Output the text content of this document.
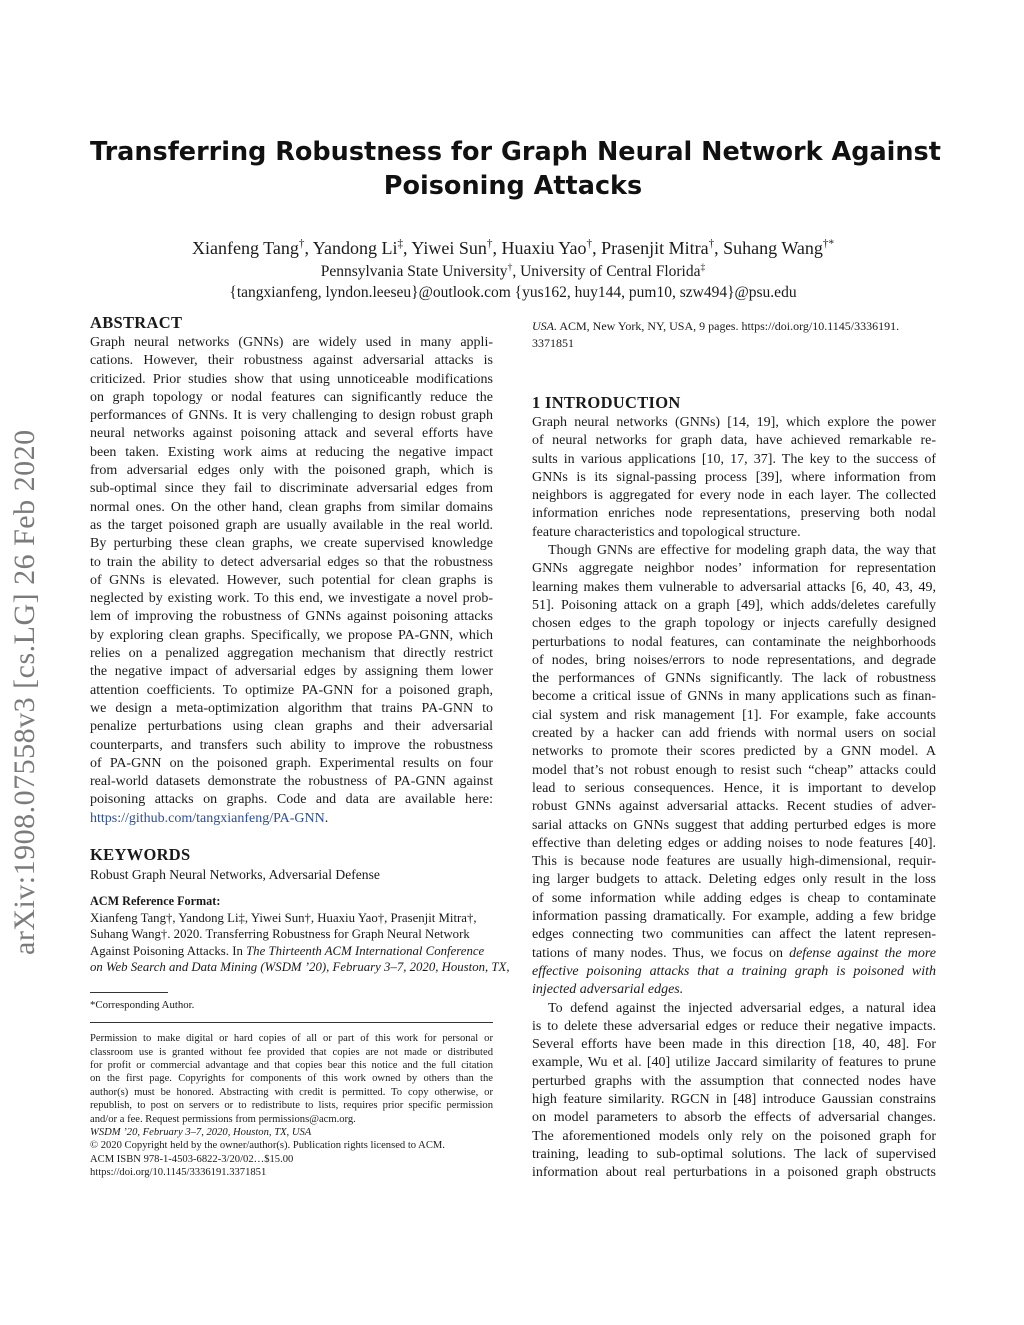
arXiv:1908.07558v3 [cs.LG] 26 Feb 2020
Transferring Robustness for Graph Neural Network Against
Poisoning Attacks
Xianfeng Tang†, Yandong Li‡, Yiwei Sun†, Huaxiu Yao†, Prasenjit Mitra†, Suhang Wang†*
Pennsylvania State University†, University of Central Florida‡
{tangxianfeng, lyndon.leeseu}@outlook.com {yus162, huy144, pum10, szw494}@psu.edu
ABSTRACT
Graph neural networks (GNNs) are widely used in many appli-
cations. However, their robustness against adversarial attacks is
criticized. Prior studies show that using unnoticeable modifications
on graph topology or nodal features can significantly reduce the
performances of GNNs. It is very challenging to design robust graph
neural networks against poisoning attack and several efforts have
been taken. Existing work aims at reducing the negative impact
from adversarial edges only with the poisoned graph, which is
sub-optimal since they fail to discriminate adversarial edges from
normal ones. On the other hand, clean graphs from similar domains
as the target poisoned graph are usually available in the real world.
By perturbing these clean graphs, we create supervised knowledge
to train the ability to detect adversarial edges so that the robustness
of GNNs is elevated. However, such potential for clean graphs is
neglected by existing work. To this end, we investigate a novel prob-
lem of improving the robustness of GNNs against poisoning attacks
by exploring clean graphs. Specifically, we propose PA-GNN, which
relies on a penalized aggregation mechanism that directly restrict
the negative impact of adversarial edges by assigning them lower
attention coefficients. To optimize PA-GNN for a poisoned graph,
we design a meta-optimization algorithm that trains PA-GNN to
penalize perturbations using clean graphs and their adversarial
counterparts, and transfers such ability to improve the robustness
of PA-GNN on the poisoned graph. Experimental results on four
real-world datasets demonstrate the robustness of PA-GNN against
poisoning attacks on graphs. Code and data are available here:
https://github.com/tangxianfeng/PA-GNN.
KEYWORDS
Robust Graph Neural Networks, Adversarial Defense
ACM Reference Format:
Xianfeng Tang†, Yandong Li‡, Yiwei Sun†, Huaxiu Yao†, Prasenjit Mitra†,
Suhang Wang†. 2020. Transferring Robustness for Graph Neural Network
Against Poisoning Attacks. In The Thirteenth ACM International Conference
on Web Search and Data Mining (WSDM ’20), February 3–7, 2020, Houston, TX,
*Corresponding Author.
Permission to make digital or hard copies of all or part of this work for personal or
classroom use is granted without fee provided that copies are not made or distributed
for profit or commercial advantage and that copies bear this notice and the full citation
on the first page. Copyrights for components of this work owned by others than the
author(s) must be honored. Abstracting with credit is permitted. To copy otherwise, or
republish, to post on servers or to redistribute to lists, requires prior specific permission
and/or a fee. Request permissions from permissions@acm.org.
WSDM ’20, February 3–7, 2020, Houston, TX, USA
© 2020 Copyright held by the owner/author(s). Publication rights licensed to ACM.
ACM ISBN 978-1-4503-6822-3/20/02…$15.00
https://doi.org/10.1145/3336191.3371851
USA. ACM, New York, NY, USA, 9 pages. https://doi.org/10.1145/3336191.
3371851
1 INTRODUCTION
Graph neural networks (GNNs) [14, 19], which explore the power
of neural networks for graph data, have achieved remarkable re-
sults in various applications [10, 17, 37]. The key to the success of
GNNs is its signal-passing process [39], where information from
neighbors is aggregated for every node in each layer. The collected
information enriches node representations, preserving both nodal
feature characteristics and topological structure.
Though GNNs are effective for modeling graph data, the way that
GNNs aggregate neighbor nodes’ information for representation
learning makes them vulnerable to adversarial attacks [6, 40, 43, 49,
51]. Poisoning attack on a graph [49], which adds/deletes carefully
chosen edges to the graph topology or injects carefully designed
perturbations to nodal features, can contaminate the neighborhoods
of nodes, bring noises/errors to node representations, and degrade
the performances of GNNs significantly. The lack of robustness
become a critical issue of GNNs in many applications such as finan-
cial system and risk management [1]. For example, fake accounts
created by a hacker can add friends with normal users on social
networks to promote their scores predicted by a GNN model. A
model that’s not robust enough to resist such “cheap” attacks could
lead to serious consequences. Hence, it is important to develop
robust GNNs against adversarial attacks. Recent studies of adver-
sarial attacks on GNNs suggest that adding perturbed edges is more
effective than deleting edges or adding noises to node features [40].
This is because node features are usually high-dimensional, requir-
ing larger budgets to attack. Deleting edges only result in the loss
of some information while adding edges is cheap to contaminate
information passing dramatically. For example, adding a few bridge
edges connecting two communities can affect the latent represen-
tations of many nodes. Thus, we focus on defense against the more
effective poisoning attacks that a training graph is poisoned with
injected adversarial edges.
To defend against the injected adversarial edges, a natural idea
is to delete these adversarial edges or reduce their negative impacts.
Several efforts have been made in this direction [18, 40, 48]. For
example, Wu et al. [40] utilize Jaccard similarity of features to prune
perturbed graphs with the assumption that connected nodes have
high feature similarity. RGCN in [48] introduce Gaussian constrains
on model parameters to absorb the effects of adversarial changes.
The aforementioned models only rely on the poisoned graph for
training, leading to sub-optimal solutions. The lack of supervised
information about real perturbations in a poisoned graph obstructs
